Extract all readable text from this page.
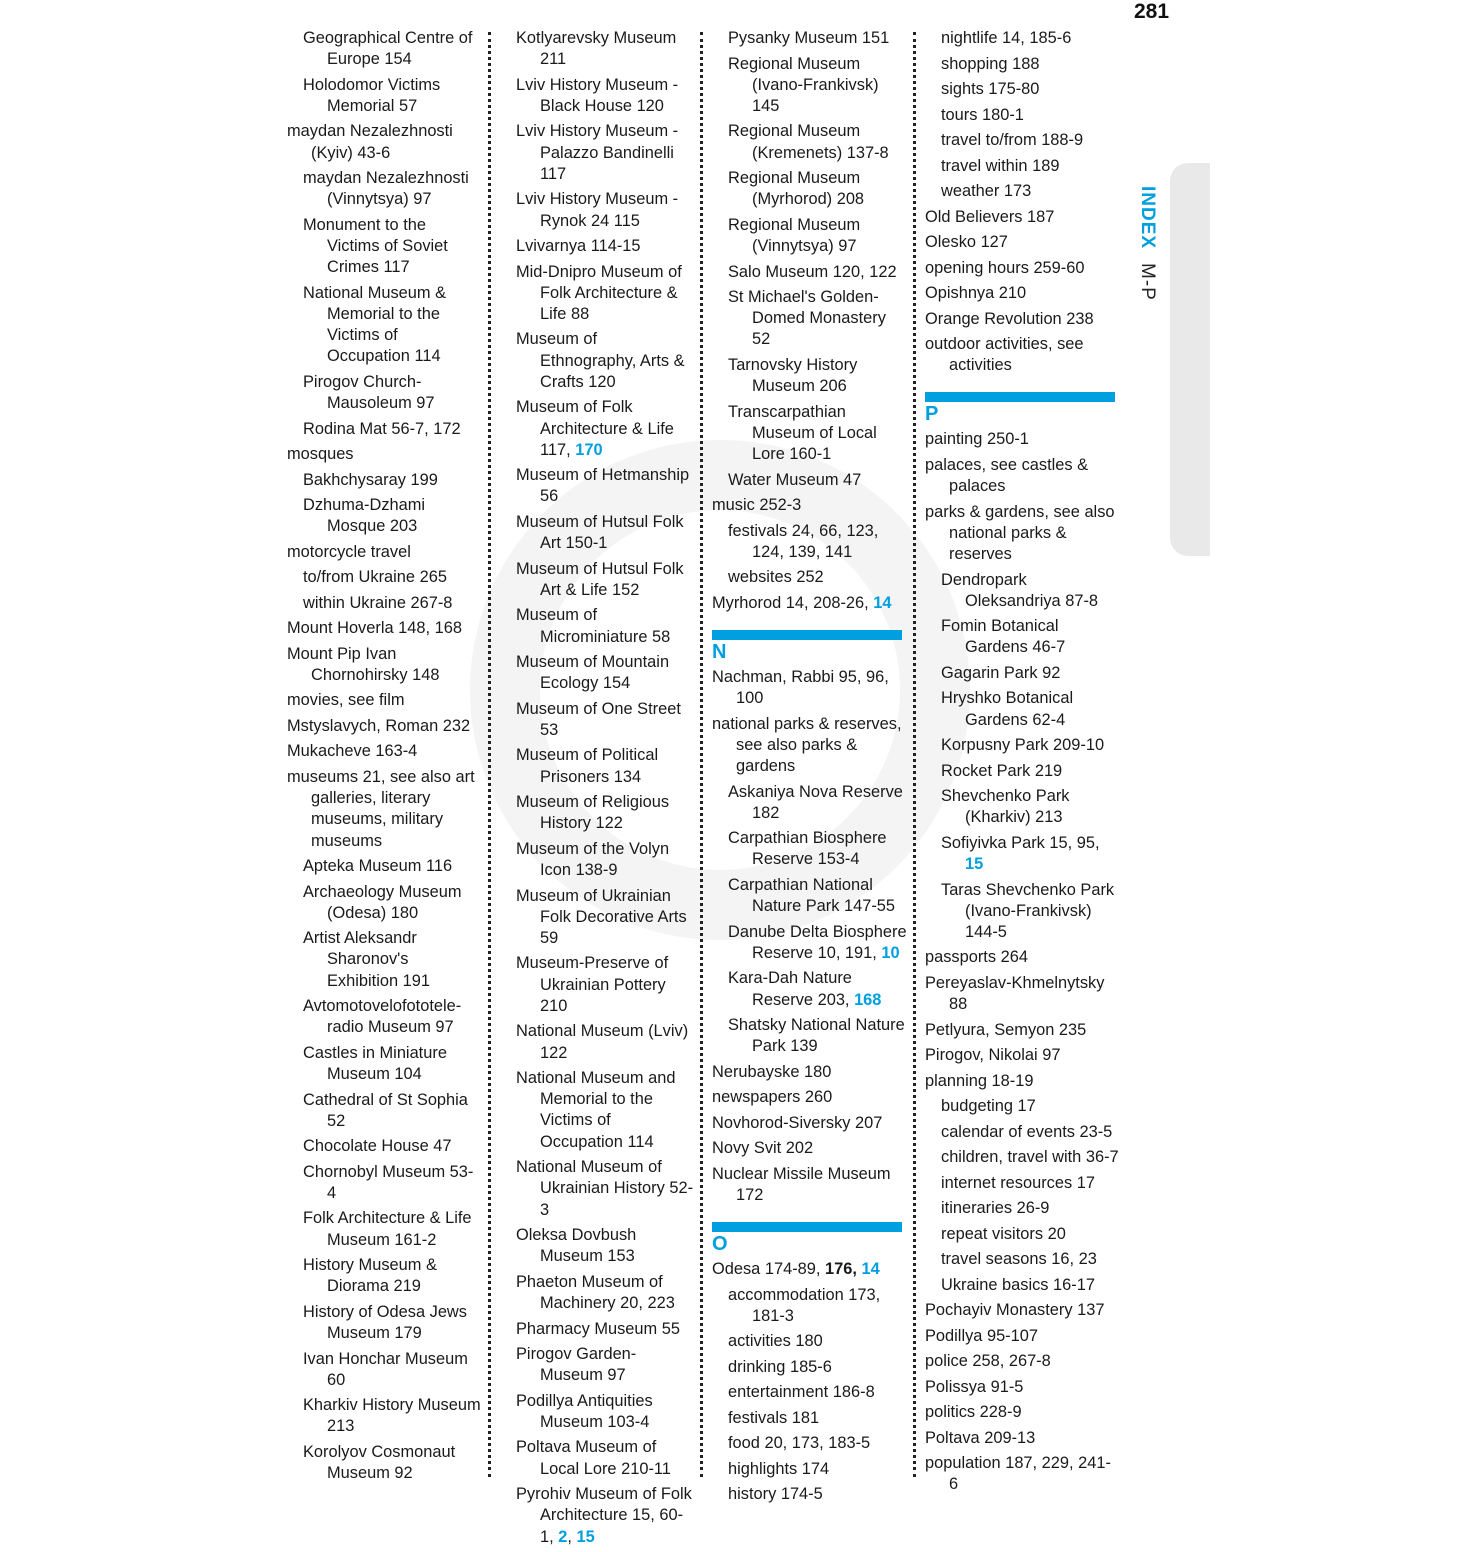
281
INDEX M-P
Geographical Centre of Europe 154
Holodomor Victims Memorial 57
maydan Nezalezhnosti (Kyiv) 43-6
maydan Nezalezhnosti (Vinnytsya) 97
Monument to the Victims of Soviet Crimes 117
National Museum & Memorial to the Victims of Occupation 114
Pirogov Church-Mausoleum 97
Rodina Mat 56-7, 172
mosques
Bakhchysaray 199
Dzhuma-Dzhami Mosque 203
motorcycle travel
to/from Ukraine 265
within Ukraine 267-8
Mount Hoverla 148, 168
Mount Pip Ivan Chornohirsky 148
movies, see film
Mstyslavych, Roman 232
Mukacheve 163-4
museums 21, see also art galleries, literary museums, military museums
Apteka Museum 116
Archaeology Museum (Odesa) 180
Artist Aleksandr Sharonov's Exhibition 191
Avtomotovelofototele-radio Museum 97
Castles in Miniature Museum 104
Cathedral of St Sophia 52
Chocolate House 47
Chornobyl Museum 53-4
Folk Architecture & Life Museum 161-2
History Museum & Diorama 219
History of Odesa Jews Museum 179
Ivan Honchar Museum 60
Kharkiv History Museum 213
Korolyov Cosmonaut Museum 92
Kotlyarevsky Museum 211
Lviv History Museum - Black House 120
Lviv History Museum - Palazzo Bandinelli 117
Lviv History Museum - Rynok 24 115
Lvivarnya 114-15
Mid-Dnipro Museum of Folk Architecture & Life 88
Museum of Ethnography, Arts & Crafts 120
Museum of Folk Architecture & Life 117, 170
Museum of Hetmanship 56
Museum of Hutsul Folk Art 150-1
Museum of Hutsul Folk Art & Life 152
Museum of Microminiature 58
Museum of Mountain Ecology 154
Museum of One Street 53
Museum of Political Prisoners 134
Museum of Religious History 122
Museum of the Volyn Icon 138-9
Museum of Ukrainian Folk Decorative Arts 59
Museum-Preserve of Ukrainian Pottery 210
National Museum (Lviv) 122
National Museum and Memorial to the Victims of Occupation 114
National Museum of Ukrainian History 52-3
Oleksa Dovbush Museum 153
Phaeton Museum of Machinery 20, 223
Pharmacy Museum 55
Pirogov Garden-Museum 97
Podillya Antiquities Museum 103-4
Poltava Museum of Local Lore 210-11
Pyrohiv Museum of Folk Architecture 15, 60-1, 2, 15
Pysanky Museum 151
Regional Museum (Ivano-Frankivsk) 145
Regional Museum (Kremenets) 137-8
Regional Museum (Myrhorod) 208
Regional Museum (Vinnytsya) 97
Salo Museum 120, 122
St Michael's Golden-Domed Monastery 52
Tarnovsky History Museum 206
Transcarpathian Museum of Local Lore 160-1
Water Museum 47
music 252-3
festivals 24, 66, 123, 124, 139, 141
websites 252
Myrhorod 14, 208-26, 14
N
Nachman, Rabbi 95, 96, 100
national parks & reserves, see also parks & gardens
Askaniya Nova Reserve 182
Carpathian Biosphere Reserve 153-4
Carpathian National Nature Park 147-55
Danube Delta Biosphere Reserve 10, 191, 10
Kara-Dah Nature Reserve 203, 168
Shatsky National Nature Park 139
Nerubayske 180
newspapers 260
Novhorod-Siversky 207
Novy Svit 202
Nuclear Missile Museum 172
O
Odesa 174-89, 176, 14
accommodation 173, 181-3
activities 180
drinking 185-6
entertainment 186-8
festivals 181
food 20, 173, 183-5
highlights 174
history 174-5
nightlife 14, 185-6
shopping 188
sights 175-80
tours 180-1
travel to/from 188-9
travel within 189
weather 173
Old Believers 187
Olesko 127
opening hours 259-60
Opishnya 210
Orange Revolution 238
outdoor activities, see activities
P
painting 250-1
palaces, see castles & palaces
parks & gardens, see also national parks & reserves
Dendropark Oleksandriya 87-8
Fomin Botanical Gardens 46-7
Gagarin Park 92
Hryshko Botanical Gardens 62-4
Korpusny Park 209-10
Rocket Park 219
Shevchenko Park (Kharkiv) 213
Sofiyivka Park 15, 95, 15
Taras Shevchenko Park (Ivano-Frankivsk) 144-5
passports 264
Pereyaslav-Khmelnytsky 88
Petlyura, Semyon 235
Pirogov, Nikolai 97
planning 18-19
budgeting 17
calendar of events 23-5
children, travel with 36-7
internet resources 17
itineraries 26-9
repeat visitors 20
travel seasons 16, 23
Ukraine basics 16-17
Pochayiv Monastery 137
Podillya 95-107
police 258, 267-8
Polissya 91-5
politics 228-9
Poltava 209-13
population 187, 229, 241-6
